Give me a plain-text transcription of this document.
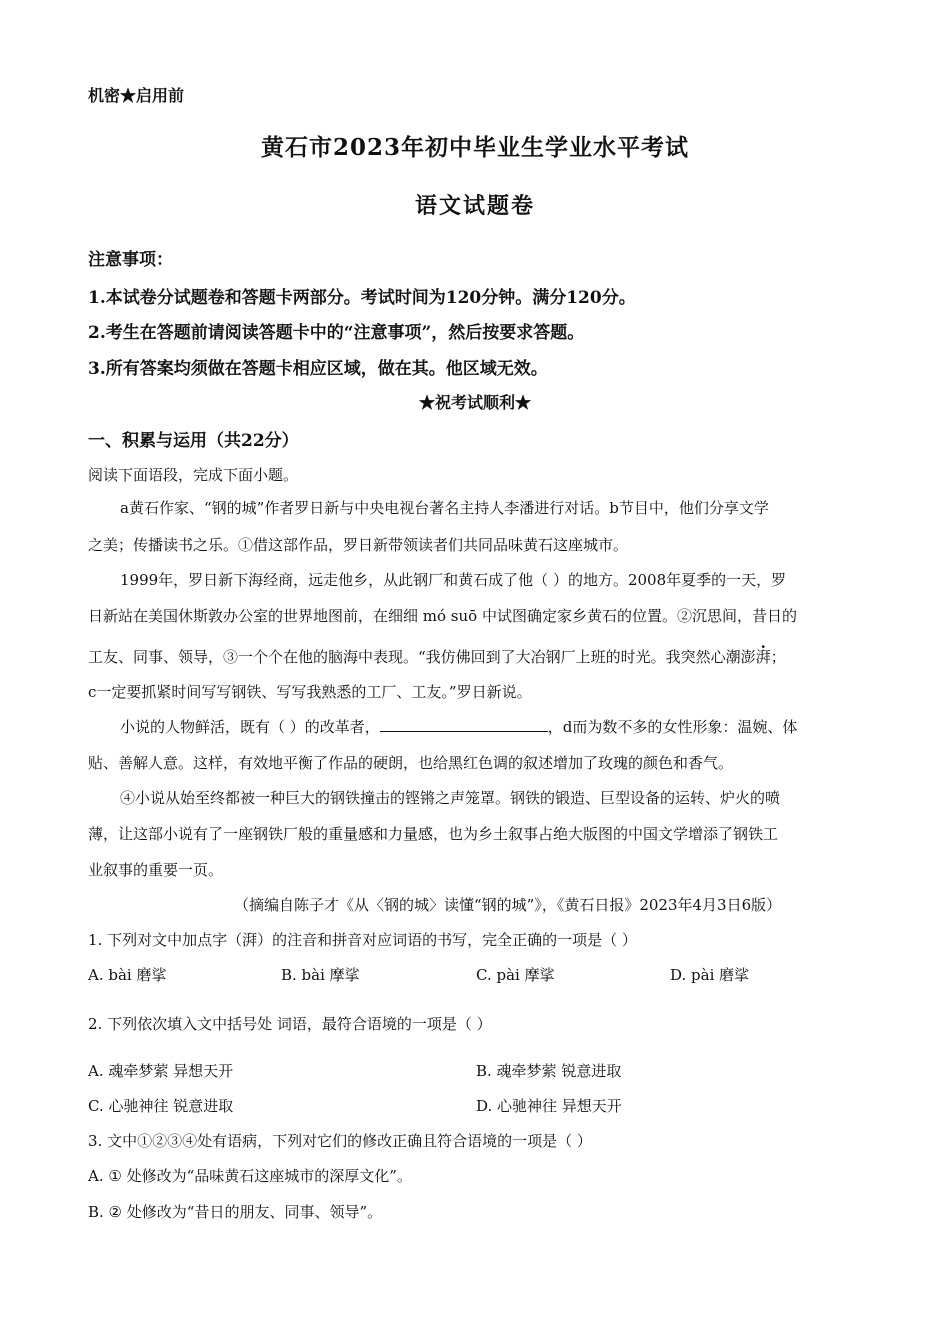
机密★启用前
黄石市2023年初中毕业生学业水平考试
语文试题卷
注意事项：
1.本试卷分试题卷和答题卡两部分。考试时间为120分钟。满分120分。
2.考生在答题前请阅读答题卡中的“注意事项”，然后按要求答题。
3.所有答案均须做在答题卡相应区域，做在其。他区域无效。
★祝考试顺利★
一、积累与运用（共22分）
阅读下面语段，完成下面小题。
a黄石作家、“钢的城”作者罗日新与中央电视台著名主持人李潘进行对话。b节目中，他们分享文学
之美；传播读书之乐。①借这部作品，罗日新带领读者们共同品味黄石这座城市。
1999年，罗日新下海经商，远走他乡，从此钢厂和黄石成了他（ ）的地方。2008年夏季的一天，罗
日新站在美国休斯敦办公室的世界地图前，在细细 mó suō 中试图确定家乡黄石的位置。②沉思间，昔日的
工友、同事、领导，③一个个在他的脑海中表现。“我仿佛回到了大冶钢厂上班的时光。我突然心潮澎湃；
c一定要抓紧时间写写钢铁、写写我熟悉的工厂、工友。”罗日新说。
小说的人物鲜活，既有（ ）的改革者，	，d而为数不多的女性形象：温婉、体
贴、善解人意。这样，有效地平衡了作品的硬朗，也给黑红色调的叙述增加了玫瑰的颜色和香气。
④小说从始至终都被一种巨大的钢铁撞击的铿锵之声笼罩。钢铁的锻造、巨型设备的运转、炉火的喷
薄，让这部小说有了一座钢铁厂般的重量感和力量感，也为乡土叙事占绝大版图的中国文学增添了钢铁工
业叙事的重要一页。
（摘编自陈子才《从〈钢的城〉读懂“钢的城”》，《黄石日报》2023年4月3日6版）
1. 下列对文中加点字（湃）的注音和拼音对应词语的书写，完全正确的一项是（ ）
A. bài 磨挲	B. bài 摩挲	C. pài 摩挲	D. pài 磨挲
2. 下列依次填入文中括号处 词语，最符合语境的一项是（ ）
A. 魂牵梦萦 异想天开	B. 魂牵梦萦 锐意进取
C. 心驰神往 锐意进取	D. 心驰神往 异想天开
3. 文中①②③④处有语病，下列对它们的修改正确且符合语境的一项是（ ）
A. ① 处修改为“品味黄石这座城市的深厚文化”。
B. ② 处修改为“昔日的朋友、同事、领导”。
